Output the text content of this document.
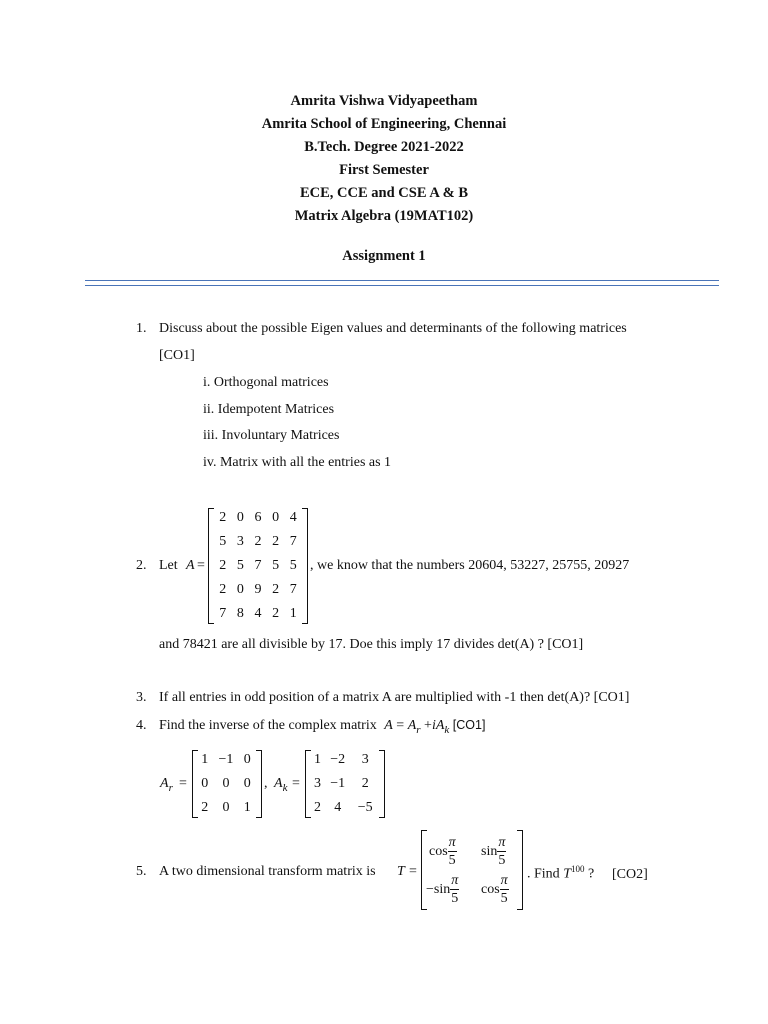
Amrita Vishwa Vidyapeetham
Amrita School of Engineering, Chennai
B.Tech. Degree 2021-2022
First Semester
ECE, CCE and CSE A & B
Matrix Algebra (19MAT102)
Assignment 1
1. Discuss about the possible Eigen values and determinants of the following matrices
[CO1]
i. Orthogonal matrices
ii. Idempotent Matrices
iii. Involuntary Matrices
iv. Matrix with all the entries as 1
2. Let A =
2	0	6	0	4
5	3	2	2	7
2	5	7	5	5
2	0	9	2	7
7	8	4	2	1
, we know that the numbers 20604, 53227, 25755, 20927
and 78421 are all divisible by 17. Doe this imply 17 divides det(A) ? [CO1]
3. If all entries in odd position of a matrix A are multiplied with -1 then det(A)? [CO1]
4. Find the inverse of the complex matrix $A = A_r +iA_k$ [CO1]
$A_r$ =
1	−1	0
0	0	0
2	0	1
, $A_k$ =
1	−2	3
3	−1	2
2	4	−5
5. A two dimensional transform matrix is T =
$\cos \frac{\pi}{5}$ $\sin \frac{\pi}{5}$
$-\sin \frac{\pi}{5}$ $\cos \frac{\pi}{5}$ . Find $T^{100}$ ? [CO2]
